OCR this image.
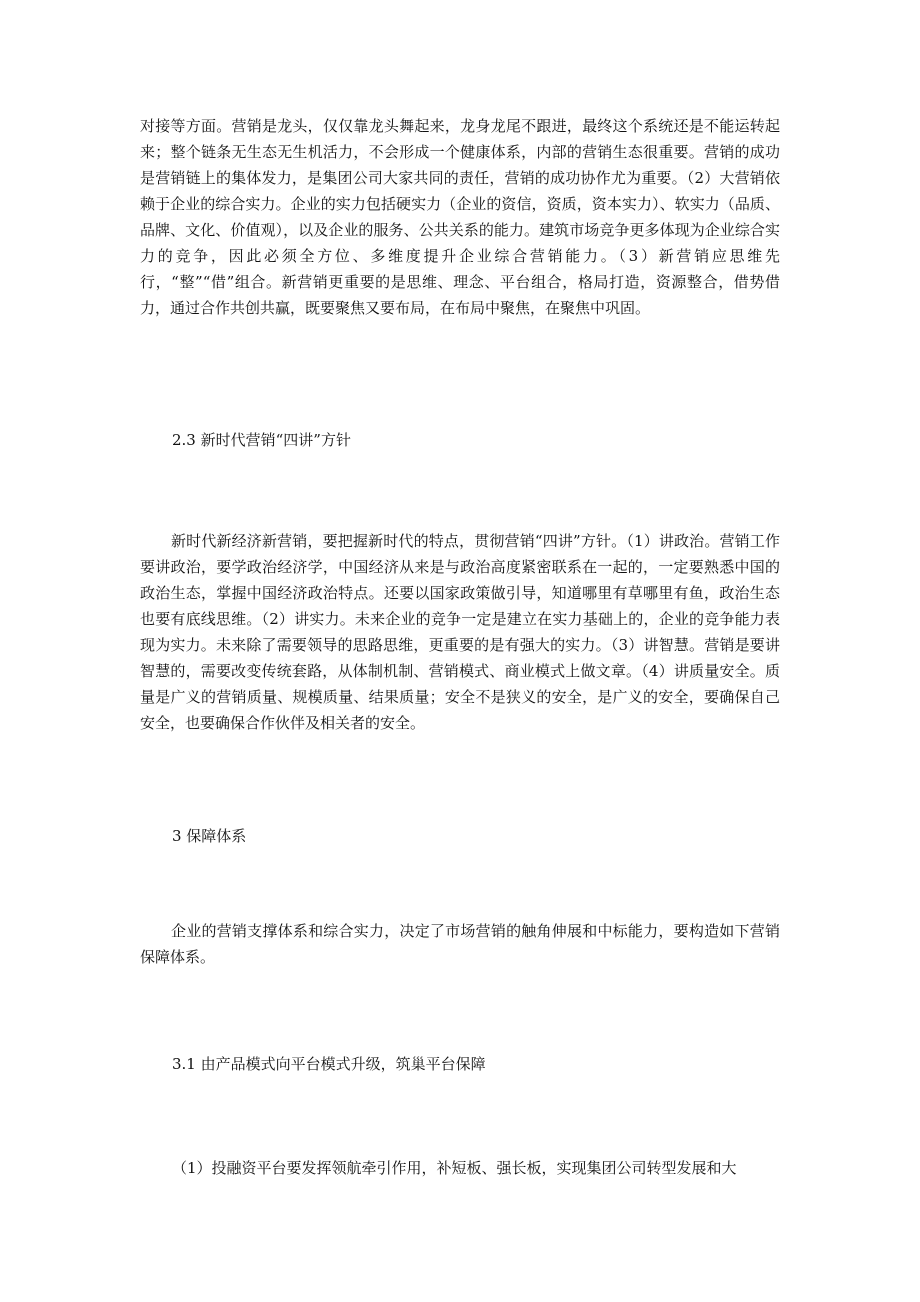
对接等方面。营销是龙头，仅仅靠龙头舞起来，龙身龙尾不跟进，最终这个系统还是不能运转起来；整个链条无生态无生机活力，不会形成一个健康体系，内部的营销生态很重要。营销的成功是营销链上的集体发力，是集团公司大家共同的责任，营销的成功协作尤为重要。（2）大营销依赖于企业的综合实力。企业的实力包括硬实力（企业的资信，资质，资本实力）、软实力（品质、品牌、文化、价值观），以及企业的服务、公共关系的能力。建筑市场竞争更多体现为企业综合实力的竞争，因此必须全方位、多维度提升企业综合营销能力。（3）新营销应思维先行，“整”“借”组合。新营销更重要的是思维、理念、平台组合，格局打造，资源整合，借势借力，通过合作共创共赢，既要聚焦又要布局，在布局中聚焦，在聚焦中巩固。

2.3 新时代营销“四讲”方针

新时代新经济新营销，要把握新时代的特点，贯彻营销“四讲”方针。（1）讲政治。营销工作要讲政治，要学政治经济学，中国经济从来是与政治高度紧密联系在一起的，一定要熟悉中国的政治生态，掌握中国经济政治特点。还要以国家政策做引导，知道哪里有草哪里有鱼，政治生态也要有底线思维。（2）讲实力。未来企业的竞争一定是建立在实力基础上的，企业的竞争能力表现为实力。未来除了需要领导的思路思维，更重要的是有强大的实力。（3）讲智慧。营销是要讲智慧的，需要改变传统套路，从体制机制、营销模式、商业模式上做文章。（4）讲质量安全。质量是广义的营销质量、规模质量、结果质量；安全不是狭义的安全，是广义的安全，要确保自己安全，也要确保合作伙伴及相关者的安全。

3 保障体系

企业的营销支撑体系和综合实力，决定了市场营销的触角伸展和中标能力，要构造如下营销保障体系。

3.1 由产品模式向平台模式升级，筑巢平台保障

（1）投融资平台要发挥领航牵引作用，补短板、强长板，实现集团公司转型发展和大
